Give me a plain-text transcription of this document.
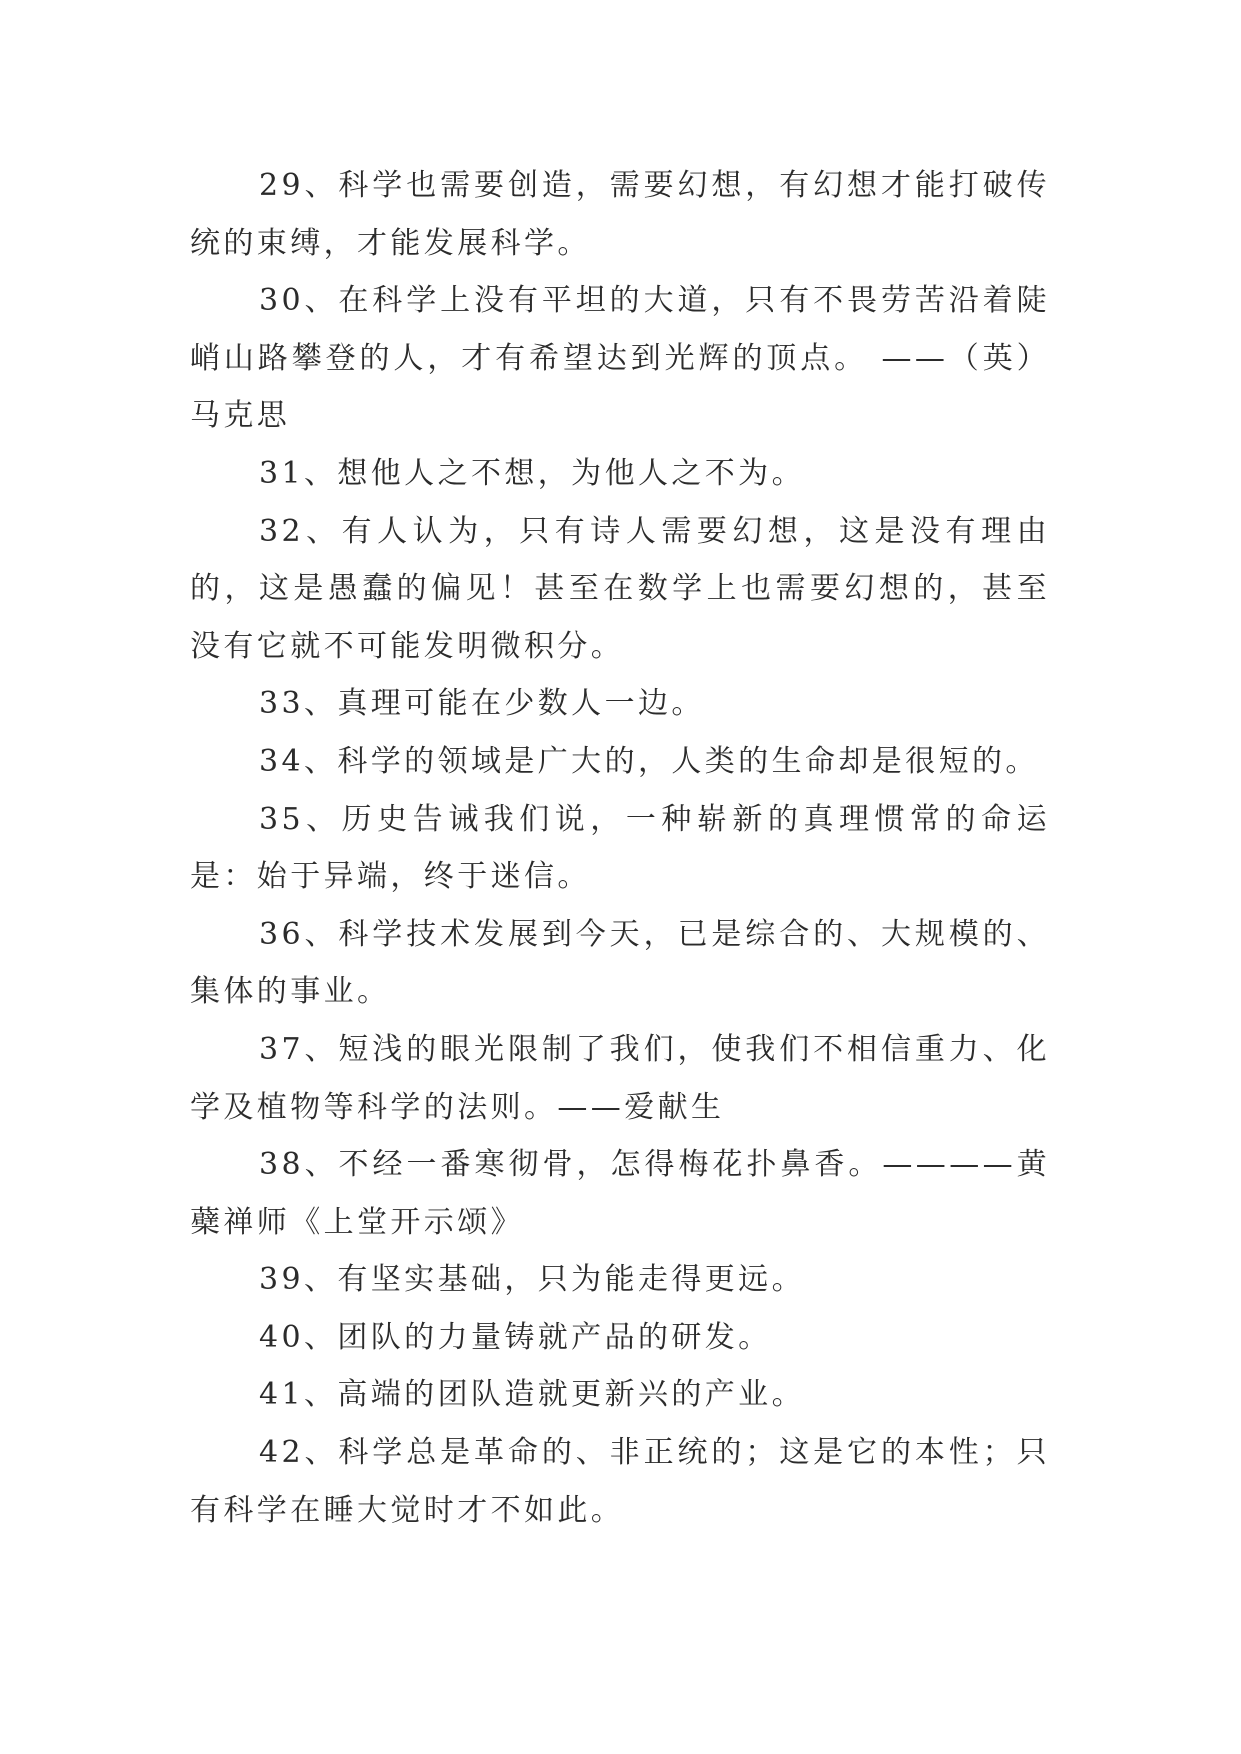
29、科学也需要创造，需要幻想，有幻想才能打破传统的束缚，才能发展科学。

30、在科学上没有平坦的大道，只有不畏劳苦沿着陡峭山路攀登的人，才有希望达到光辉的顶点。 ——（英）马克思

31、想他人之不想，为他人之不为。

32、有人认为，只有诗人需要幻想，这是没有理由的，这是愚蠢的偏见！甚至在数学上也需要幻想的，甚至没有它就不可能发明微积分。

33、真理可能在少数人一边。

34、科学的领域是广大的，人类的生命却是很短的。

35、历史告诫我们说，一种崭新的真理惯常的命运是：始于异端，终于迷信。

36、科学技术发展到今天，已是综合的、大规模的、集体的事业。

37、短浅的眼光限制了我们，使我们不相信重力、化学及植物等科学的法则。——爱献生

38、不经一番寒彻骨，怎得梅花扑鼻香。————黄蘗禅师《上堂开示颂》

39、有坚实基础，只为能走得更远。

40、团队的力量铸就产品的研发。

41、高端的团队造就更新兴的产业。

42、科学总是革命的、非正统的；这是它的本性；只有科学在睡大觉时才不如此。
